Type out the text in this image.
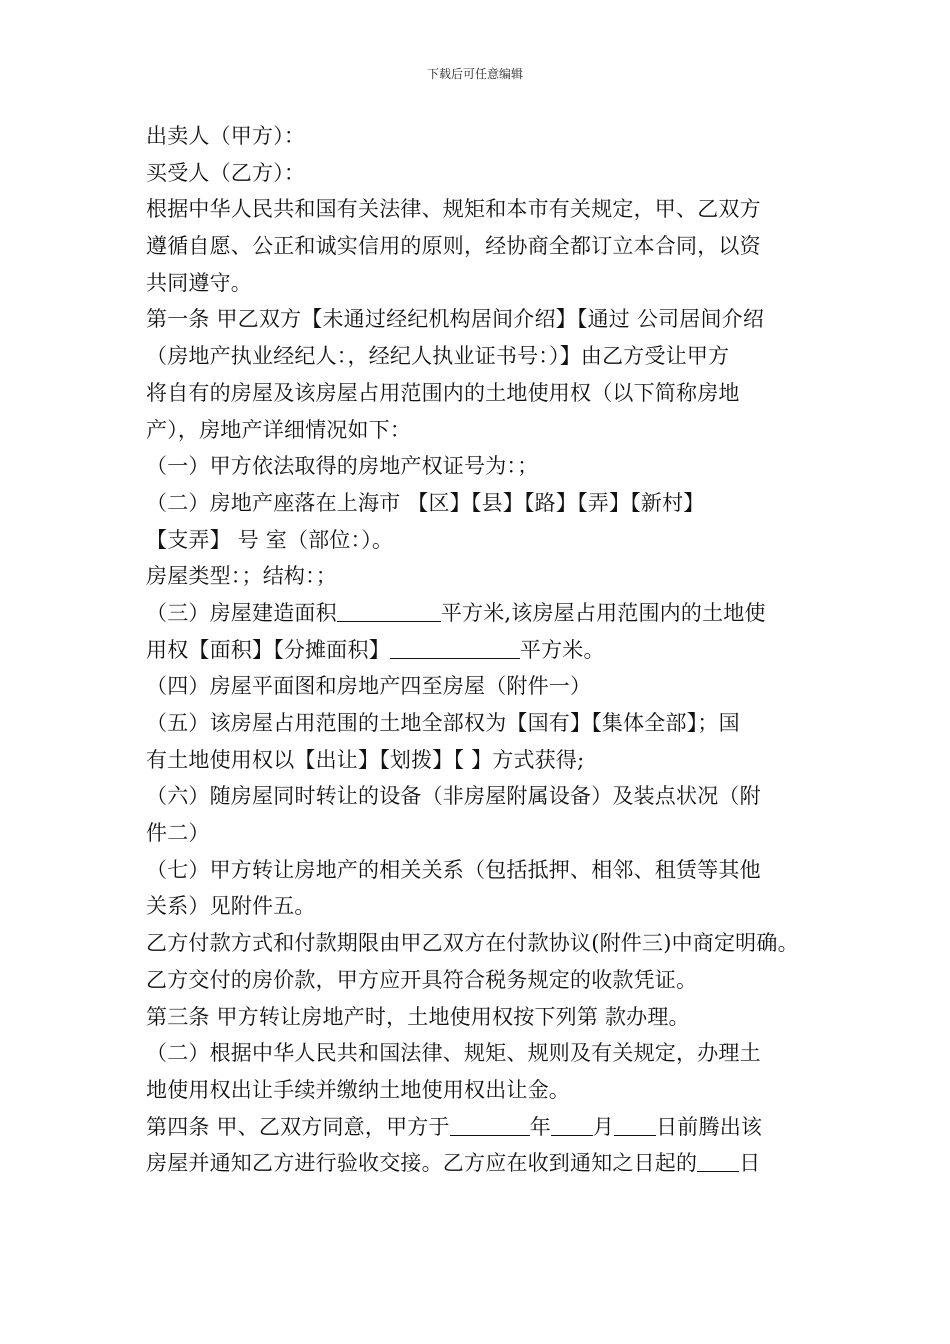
下载后可任意编辑
出卖人（甲方）：
买受人（乙方）：
根据中华人民共和国有关法律、规矩和本市有关规定，甲、乙双方
遵循自愿、公正和诚实信用的原则，经协商全都订立本合同，以资
共同遵守。
第一条 甲乙双方【未通过经纪机构居间介绍】【通过 公司居间介绍
（房地产执业经纪人：，经纪人执业证书号：）】由乙方受让甲方
将自有的房屋及该房屋占用范围内的土地使用权（以下简称房地
产），房地产详细情况如下：
（一）甲方依法取得的房地产权证号为：；
（二）房地产座落在上海市 【区】【县】【路】【弄】【新村】
【支弄】 号 室（部位：）。
房屋类型：；结构：；
（三）房屋建造面积	平方米,该房屋占用范围内的土地使
用权【面积】【分摊面积】	平方米。
（四）房屋平面图和房地产四至房屋（附件一）
（五）该房屋占用范围的土地全部权为【国有】【集体全部】；国
有土地使用权以【出让】【划拨】【 】方式获得;
（六）随房屋同时转让的设备（非房屋附属设备）及装点状况（附
件二）
（七）甲方转让房地产的相关关系（包括抵押、相邻、租赁等其他
关系）见附件五。
乙方付款方式和付款期限由甲乙双方在付款协议(附件三)中商定明确。
乙方交付的房价款，甲方应开具符合税务规定的收款凭证。
第三条 甲方转让房地产时，土地使用权按下列第 款办理。
（二）根据中华人民共和国法律、规矩、规则及有关规定，办理土
地使用权出让手续并缴纳土地使用权出让金。
第四条 甲、乙双方同意，甲方于	年 月 日前腾出该
房屋并通知乙方进行验收交接。乙方应在收到通知之日起的 日
